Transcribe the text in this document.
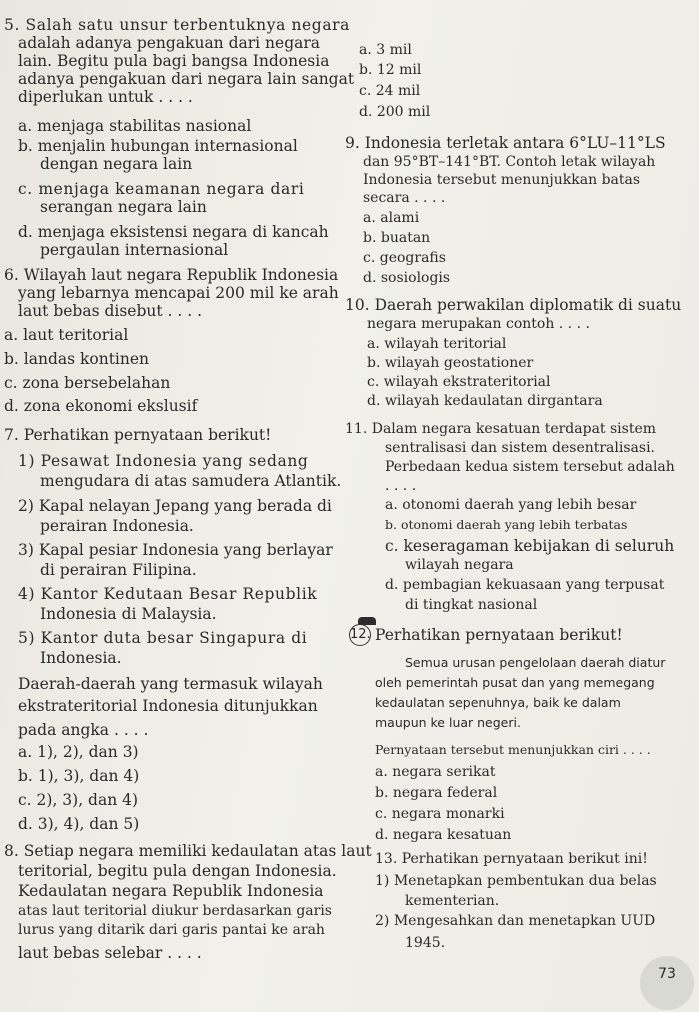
5. Salah satu unsur terbentuknya negara
adalah adanya pengakuan dari negara
lain. Begitu pula bagi bangsa Indonesia
adanya pengakuan dari negara lain sangat
diperlukan untuk . . . .
a. menjaga stabilitas nasional
b. menjalin hubungan internasional
dengan negara lain
c. menjaga keamanan negara dari
serangan negara lain
d. menjaga eksistensi negara di kancah
pergaulan internasional
6. Wilayah laut negara Republik Indonesia
yang lebarnya mencapai 200 mil ke arah
laut bebas disebut . . . .
a. laut teritorial
b. landas kontinen
c. zona bersebelahan
d. zona ekonomi ekslusif
7. Perhatikan pernyataan berikut!
1) Pesawat Indonesia yang sedang
mengudara di atas samudera Atlantik.
2) Kapal nelayan Jepang yang berada di
perairan Indonesia.
3) Kapal pesiar Indonesia yang berlayar
di perairan Filipina.
4) Kantor Kedutaan Besar Republik
Indonesia di Malaysia.
5) Kantor duta besar Singapura di
Indonesia.
Daerah-daerah yang termasuk wilayah
ekstrateritorial Indonesia ditunjukkan
pada angka . . . .
a. 1), 2), dan 3)
b. 1), 3), dan 4)
c. 2), 3), dan 4)
d. 3), 4), dan 5)
8. Setiap negara memiliki kedaulatan atas laut
teritorial, begitu pula dengan Indonesia.
Kedaulatan negara Republik Indonesia
atas laut teritorial diukur berdasarkan garis
lurus yang ditarik dari garis pantai ke arah
laut bebas selebar . . . .
a. 3 mil
b. 12 mil
c. 24 mil
d. 200 mil
9. Indonesia terletak antara 6°LU–11°LS
dan 95°BT–141°BT. Contoh letak wilayah
Indonesia tersebut menunjukkan batas
secara . . . .
a. alami
b. buatan
c. geografis
d. sosiologis
10. Daerah perwakilan diplomatik di suatu
negara merupakan contoh . . . .
a. wilayah teritorial
b. wilayah geostationer
c. wilayah ekstrateritorial
d. wilayah kedaulatan dirgantara
11. Dalam negara kesatuan terdapat sistem
sentralisasi dan sistem desentralisasi.
Perbedaan kedua sistem tersebut adalah
. . . .
a. otonomi daerah yang lebih besar
b. otonomi daerah yang lebih terbatas
c. keseragaman kebijakan di seluruh
wilayah negara
d. pembagian kekuasaan yang terpusat
di tingkat nasional
12. Perhatikan pernyataan berikut!
Semua urusan pengelolaan daerah diatur
oleh pemerintah pusat dan yang memegang
kedaulatan sepenuhnya, baik ke dalam
maupun ke luar negeri.
Pernyataan tersebut menunjukkan ciri . . . .
a. negara serikat
b. negara federal
c. negara monarki
d. negara kesatuan
13. Perhatikan pernyataan berikut ini!
1) Menetapkan pembentukan dua belas
kementerian.
2) Mengesahkan dan menetapkan UUD
1945.
73
